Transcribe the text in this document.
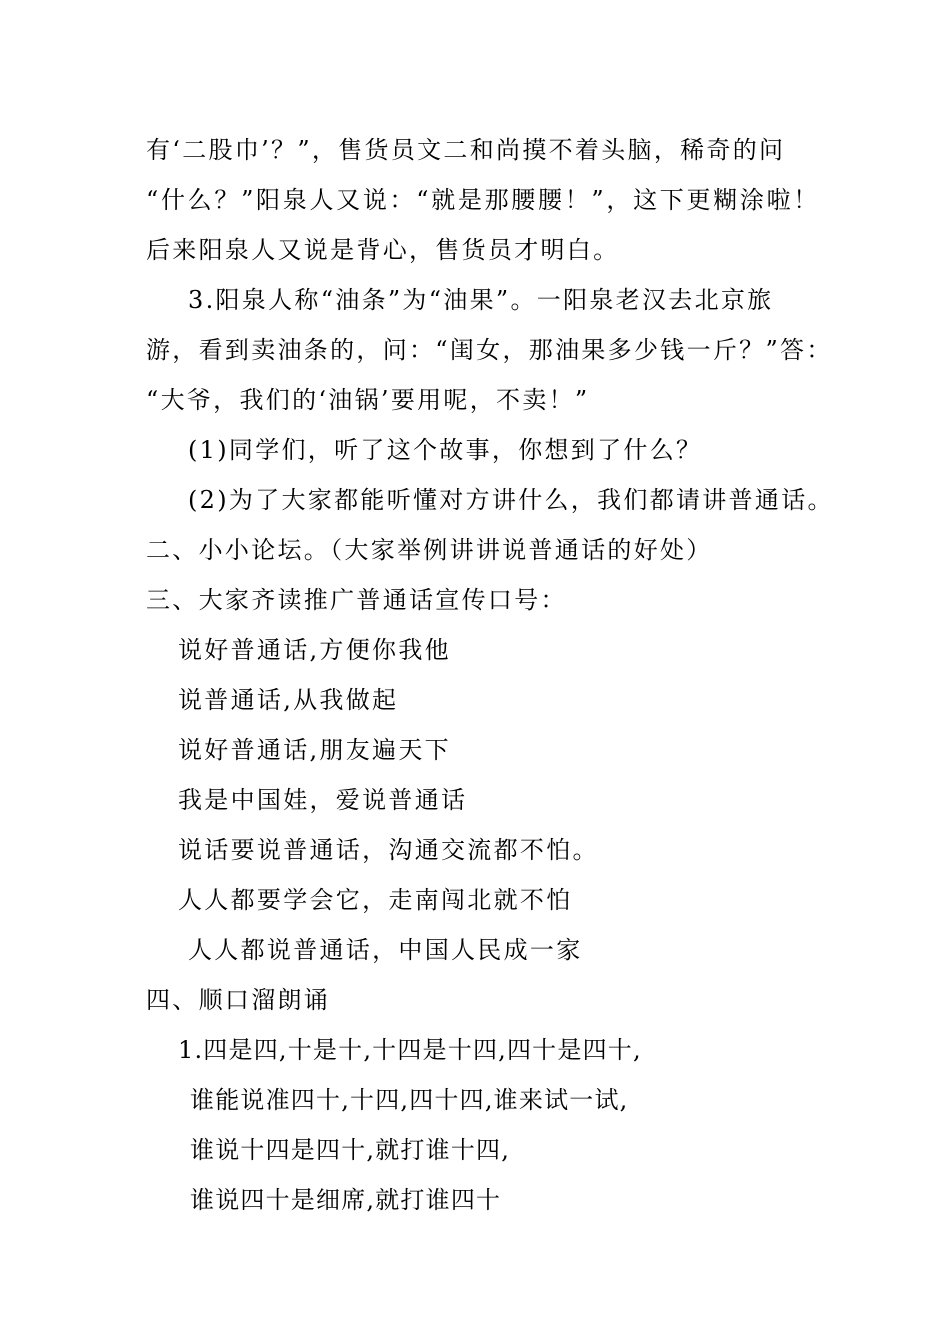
有‘二股巾’？”，售货员文二和尚摸不着头脑，稀奇的问
“什么？”阳泉人又说：“就是那腰腰！”，这下更糊涂啦！
后来阳泉人又说是背心，售货员才明白。
3.阳泉人称“油条”为“油果”。一阳泉老汉去北京旅
游，看到卖油条的，问：“闺女，那油果多少钱一斤？”答：
“大爷，我们的‘油锅’要用呢，不卖！”
(1)同学们，听了这个故事，你想到了什么？
(2)为了大家都能听懂对方讲什么，我们都请讲普通话。
二、小小论坛。（大家举例讲讲说普通话的好处）
三、大家齐读推广普通话宣传口号：
说好普通话,方便你我他
说普通话,从我做起
说好普通话,朋友遍天下
我是中国娃，爱说普通话
说话要说普通话，沟通交流都不怕。
人人都要学会它，走南闯北就不怕
人人都说普通话，中国人民成一家
四、顺口溜朗诵
1.四是四,十是十,十四是十四,四十是四十,
谁能说准四十,十四,四十四,谁来试一试,
谁说十四是四十,就打谁十四,
谁说四十是细席,就打谁四十
